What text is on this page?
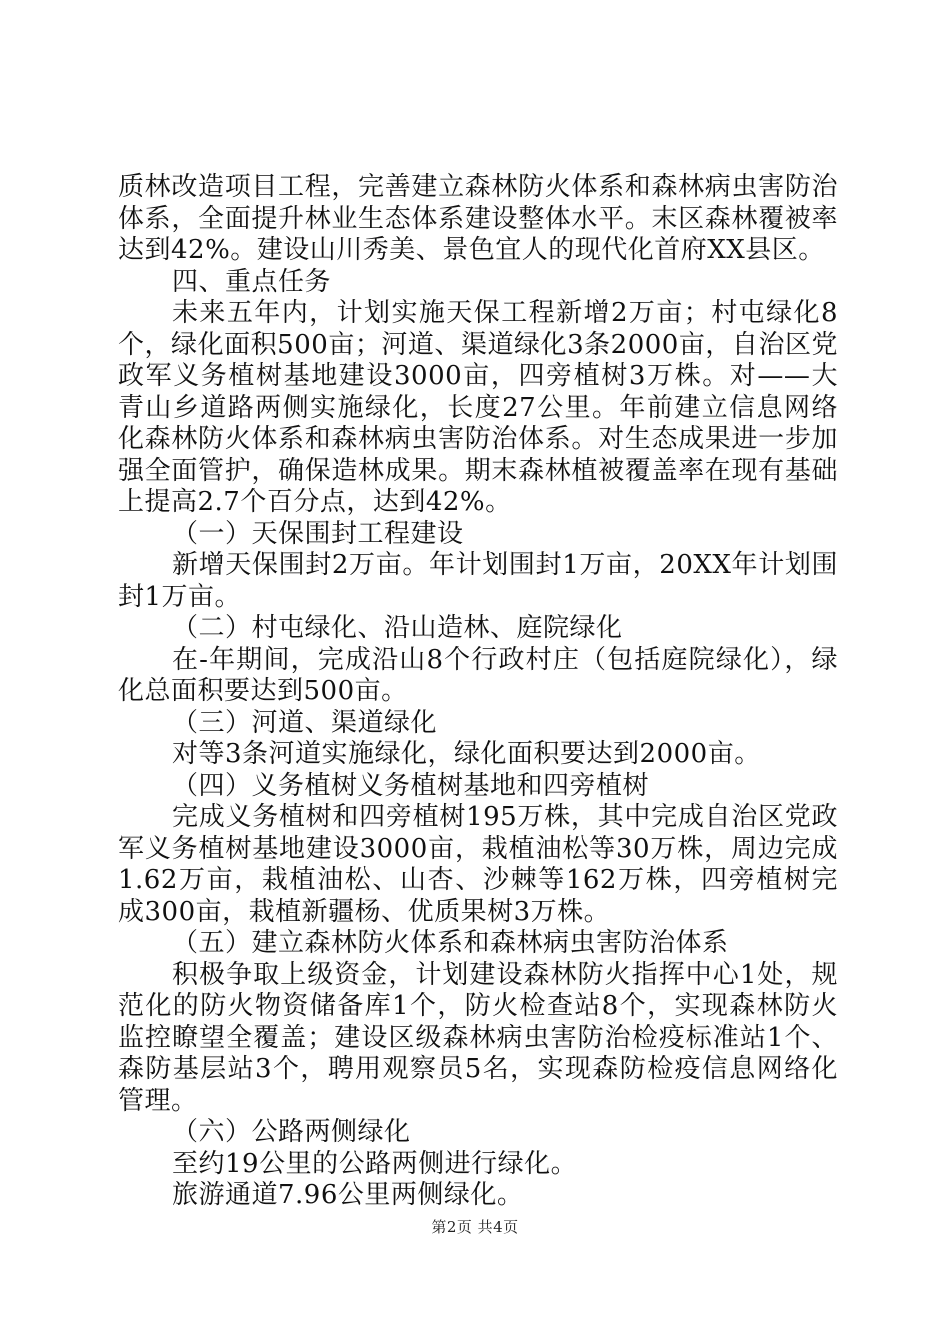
质林改造项目工程，完善建立森林防火体系和森林病虫害防治体系，全面提升林业生态体系建设整体水平。末区森林覆被率达到42%。建设山川秀美、景色宜人的现代化首府XX县区。

四、重点任务

未来五年内，计划实施天保工程新增2万亩；村屯绿化8个，绿化面积500亩；河道、渠道绿化3条2000亩，自治区党政军义务植树基地建设3000亩，四旁植树3万株。对——大青山乡道路两侧实施绿化，长度27公里。年前建立信息网络化森林防火体系和森林病虫害防治体系。对生态成果进一步加强全面管护，确保造林成果。期末森林植被覆盖率在现有基础上提高2.7个百分点，达到42%。

（一）天保围封工程建设

新增天保围封2万亩。年计划围封1万亩，20XX年计划围封1万亩。

（二）村屯绿化、沿山造林、庭院绿化

在-年期间，完成沿山8个行政村庄（包括庭院绿化），绿化总面积要达到500亩。

（三）河道、渠道绿化

对等3条河道实施绿化，绿化面积要达到2000亩。

（四）义务植树义务植树基地和四旁植树

完成义务植树和四旁植树195万株，其中完成自治区党政军义务植树基地建设3000亩，栽植油松等30万株，周边完成1.62万亩，栽植油松、山杏、沙棘等162万株，四旁植树完成300亩，栽植新疆杨、优质果树3万株。

（五）建立森林防火体系和森林病虫害防治体系

积极争取上级资金，计划建设森林防火指挥中心1处，规范化的防火物资储备库1个，防火检查站8个，实现森林防火监控瞭望全覆盖；建设区级森林病虫害防治检疫标准站1个、森防基层站3个，聘用观察员5名，实现森防检疫信息网络化管理。

（六）公路两侧绿化

至约19公里的公路两侧进行绿化。

旅游通道7.96公里两侧绿化。

第2页 共4页
